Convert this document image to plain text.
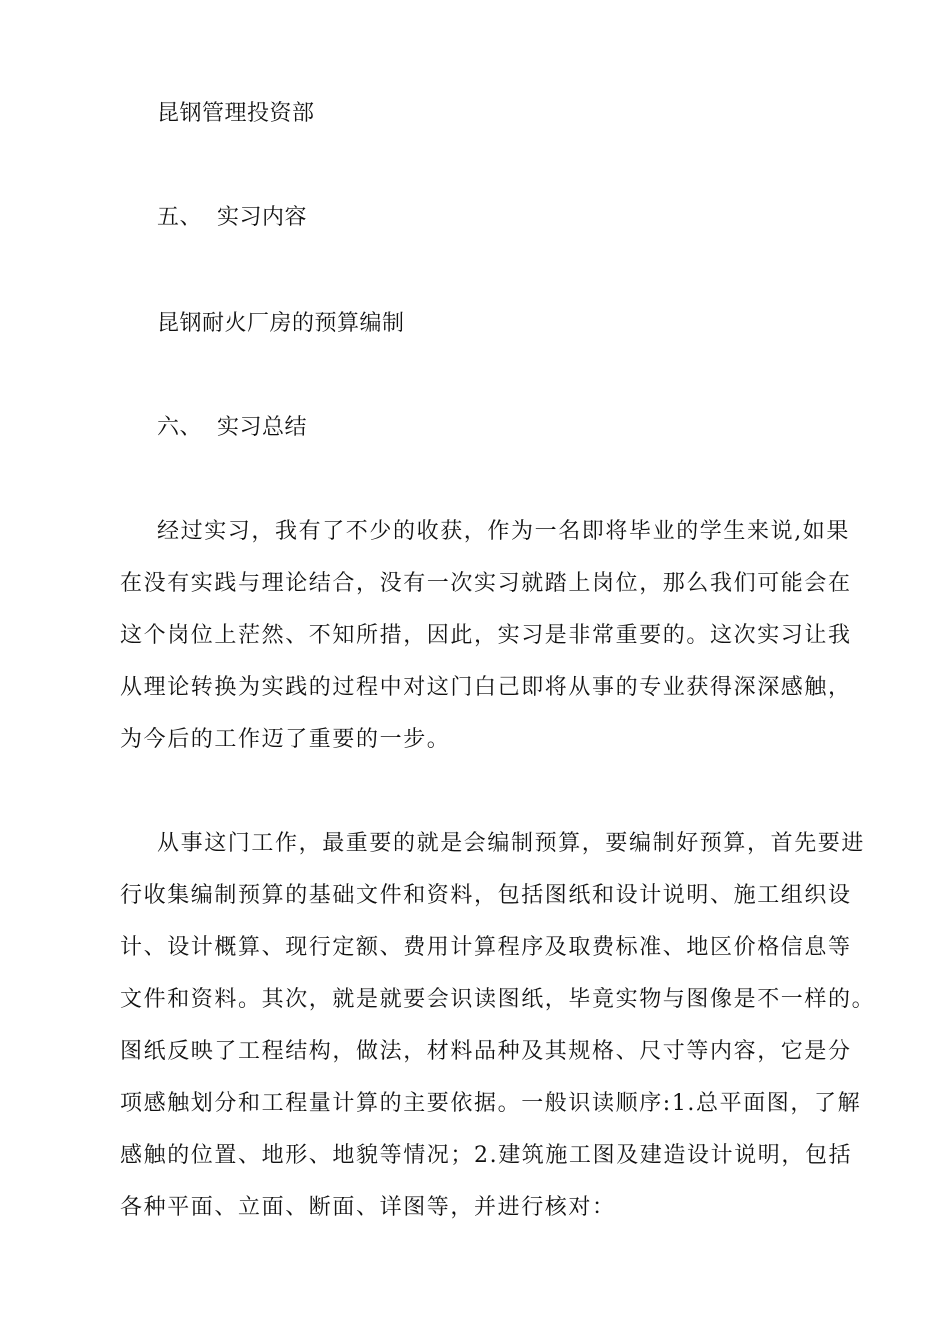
昆钢管理投资部
五、 实习内容
昆钢耐火厂房的预算编制
六、 实习总结
经过实习，我有了不少的收获，作为一名即将毕业的学生来说,如果
在没有实践与理论结合，没有一次实习就踏上岗位，那么我们可能会在
这个岗位上茫然、不知所措，因此，实习是非常重要的。这次实习让我
从理论转换为实践的过程中对这门白己即将从事的专业获得深深感触，
为今后的工作迈了重要的一步。
从事这门工作，最重要的就是会编制预算，要编制好预算，首先要进
行收集编制预算的基础文件和资料，包括图纸和设计说明、施工组织设
计、设计概算、现行定额、费用计算程序及取费标准、地区价格信息等
文件和资料。其次，就是就要会识读图纸，毕竟实物与图像是不一样的。
图纸反映了工程结构，做法，材料品种及其规格、尺寸等内容，它是分
项感触划分和工程量计算的主要依据。一般识读顺序:1.总平面图，了解
感触的位置、地形、地貌等情况；2.建筑施工图及建造设计说明，包括
各种平面、立面、断面、详图等，并进行核对：
